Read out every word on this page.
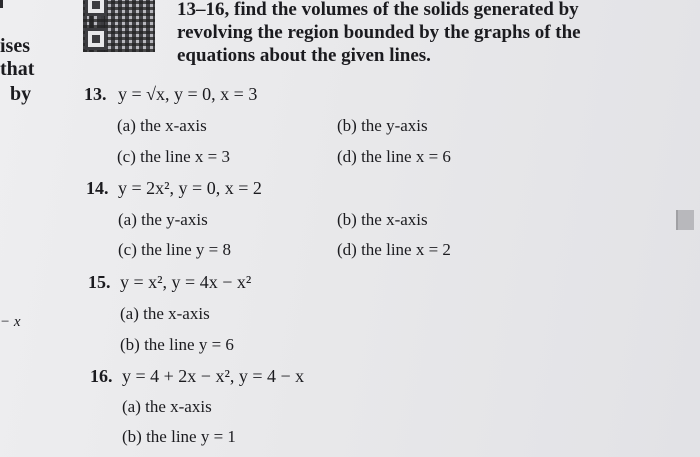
ises
that
by
− x
13–16, find the volumes of the solids generated by
revolving the region bounded by the graphs of the
equations about the given lines.
13. y = √x, y = 0, x = 3
(a) the x-axis	(b) the y-axis
(c) the line x = 3	(d) the line x = 6
14. y = 2x², y = 0, x = 2
(a) the y-axis	(b) the x-axis
(c) the line y = 8	(d) the line x = 2
15. y = x², y = 4x − x²
(a) the x-axis
(b) the line y = 6
16. y = 4 + 2x − x², y = 4 − x
(a) the x-axis
(b) the line y = 1
